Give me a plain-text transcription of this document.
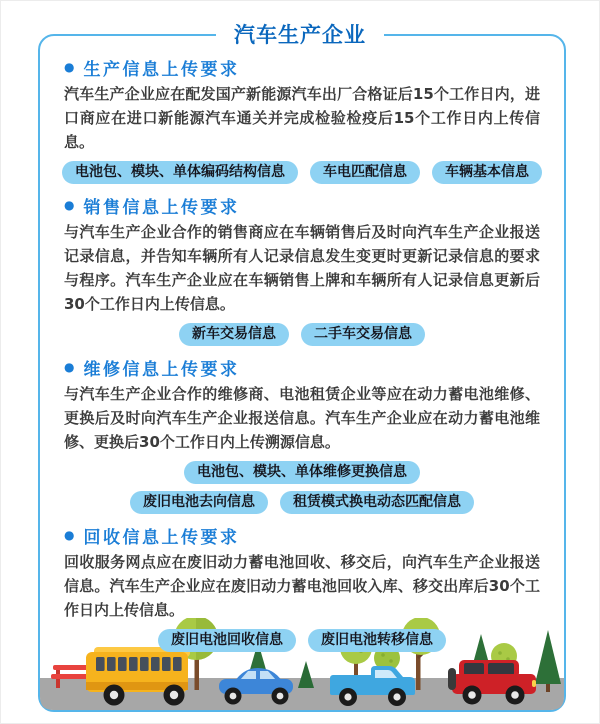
汽车生产企业
● 生产信息上传要求

汽车生产企业应在配发国产新能源汽车出厂合格证后15个工作日内，进口商应在进口新能源汽车通关并完成检验检疫后15个工作日内上传信息。

电池包、模块、单体编码结构信息	车电匹配信息	车辆基本信息
● 销售信息上传要求

与汽车生产企业合作的销售商应在车辆销售后及时向汽车生产企业报送记录信息，并告知车辆所有人记录信息发生变更时更新记录信息的要求与程序。汽车生产企业应在车辆销售上牌和车辆所有人记录信息更新后30个工作日内上传信息。

新车交易信息	二手车交易信息
● 维修信息上传要求

与汽车生产企业合作的维修商、电池租赁企业等应在动力蓄电池维修、更换后及时向汽车生产企业报送信息。汽车生产企业应在动力蓄电池维修、更换后30个工作日内上传溯源信息。

电池包、模块、单体维修更换信息
废旧电池去向信息	租赁模式换电动态匹配信息
● 回收信息上传要求

回收服务网点应在废旧动力蓄电池回收、移交后，向汽车生产企业报送信息。汽车生产企业应在废旧动力蓄电池回收入库、移交出库后30个工作日内上传信息。

废旧电池回收信息	废旧电池转移信息
